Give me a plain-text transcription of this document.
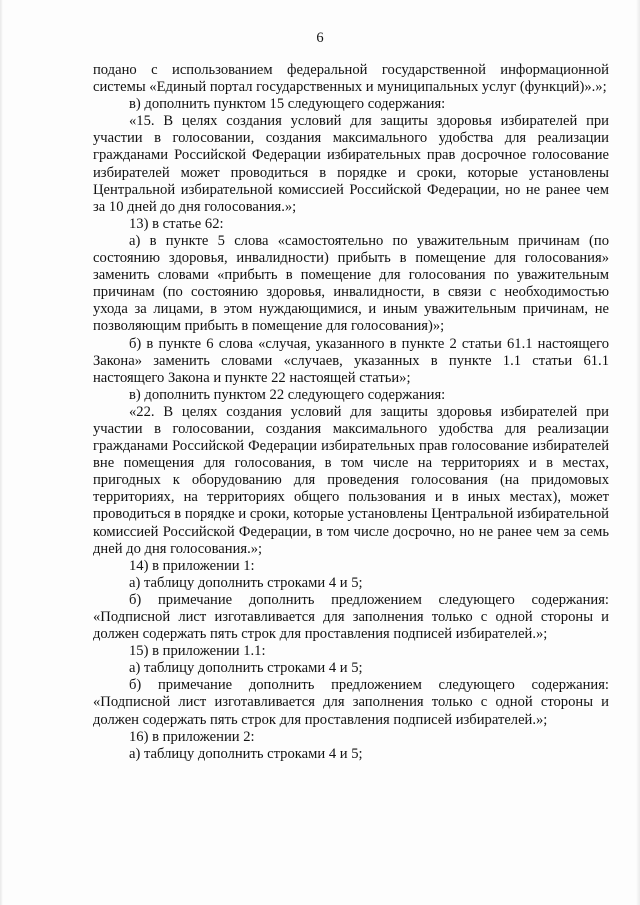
6

подано с использованием федеральной государственной информационной системы «Единый портал государственных и муниципальных услуг (функций)».»;

в) дополнить пунктом 15 следующего содержания:

«15. В целях создания условий для защиты здоровья избирателей при участии в голосовании, создания максимального удобства для реализации гражданами Российской Федерации избирательных прав досрочное голосование избирателей может проводиться в порядке и сроки, которые установлены Центральной избирательной комиссией Российской Федерации, но не ранее чем за 10 дней до дня голосования.»;

13) в статье 62:

а) в пункте 5 слова «самостоятельно по уважительным причинам (по состоянию здоровья, инвалидности) прибыть в помещение для голосования» заменить словами «прибыть в помещение для голосования по уважительным причинам (по состоянию здоровья, инвалидности, в связи с необходимостью ухода за лицами, в этом нуждающимися, и иным уважительным причинам, не позволяющим прибыть в помещение для голосования)»;

б) в пункте 6 слова «случая, указанного в пункте 2 статьи 61.1 настоящего Закона» заменить словами «случаев, указанных в пункте 1.1 статьи 61.1 настоящего Закона и пункте 22 настоящей статьи»;

в) дополнить пунктом 22 следующего содержания:

«22. В целях создания условий для защиты здоровья избирателей при участии в голосовании, создания максимального удобства для реализации гражданами Российской Федерации избирательных прав голосование избирателей вне помещения для голосования, в том числе на территориях и в местах, пригодных к оборудованию для проведения голосования (на придомовых территориях, на территориях общего пользования и в иных местах), может проводиться в порядке и сроки, которые установлены Центральной избирательной комиссией Российской Федерации, в том числе досрочно, но не ранее чем за семь дней до дня голосования.»;

14) в приложении 1:

а) таблицу дополнить строками 4 и 5;

б) примечание дополнить предложением следующего содержания:

«Подписной лист изготавливается для заполнения только с одной стороны и должен содержать пять строк для проставления подписей избирателей.»;

15) в приложении 1.1:

а) таблицу дополнить строками 4 и 5;

б) примечание дополнить предложением следующего содержания:

«Подписной лист изготавливается для заполнения только с одной стороны и должен содержать пять строк для проставления подписей избирателей.»;

16) в приложении 2:

а) таблицу дополнить строками 4 и 5;
